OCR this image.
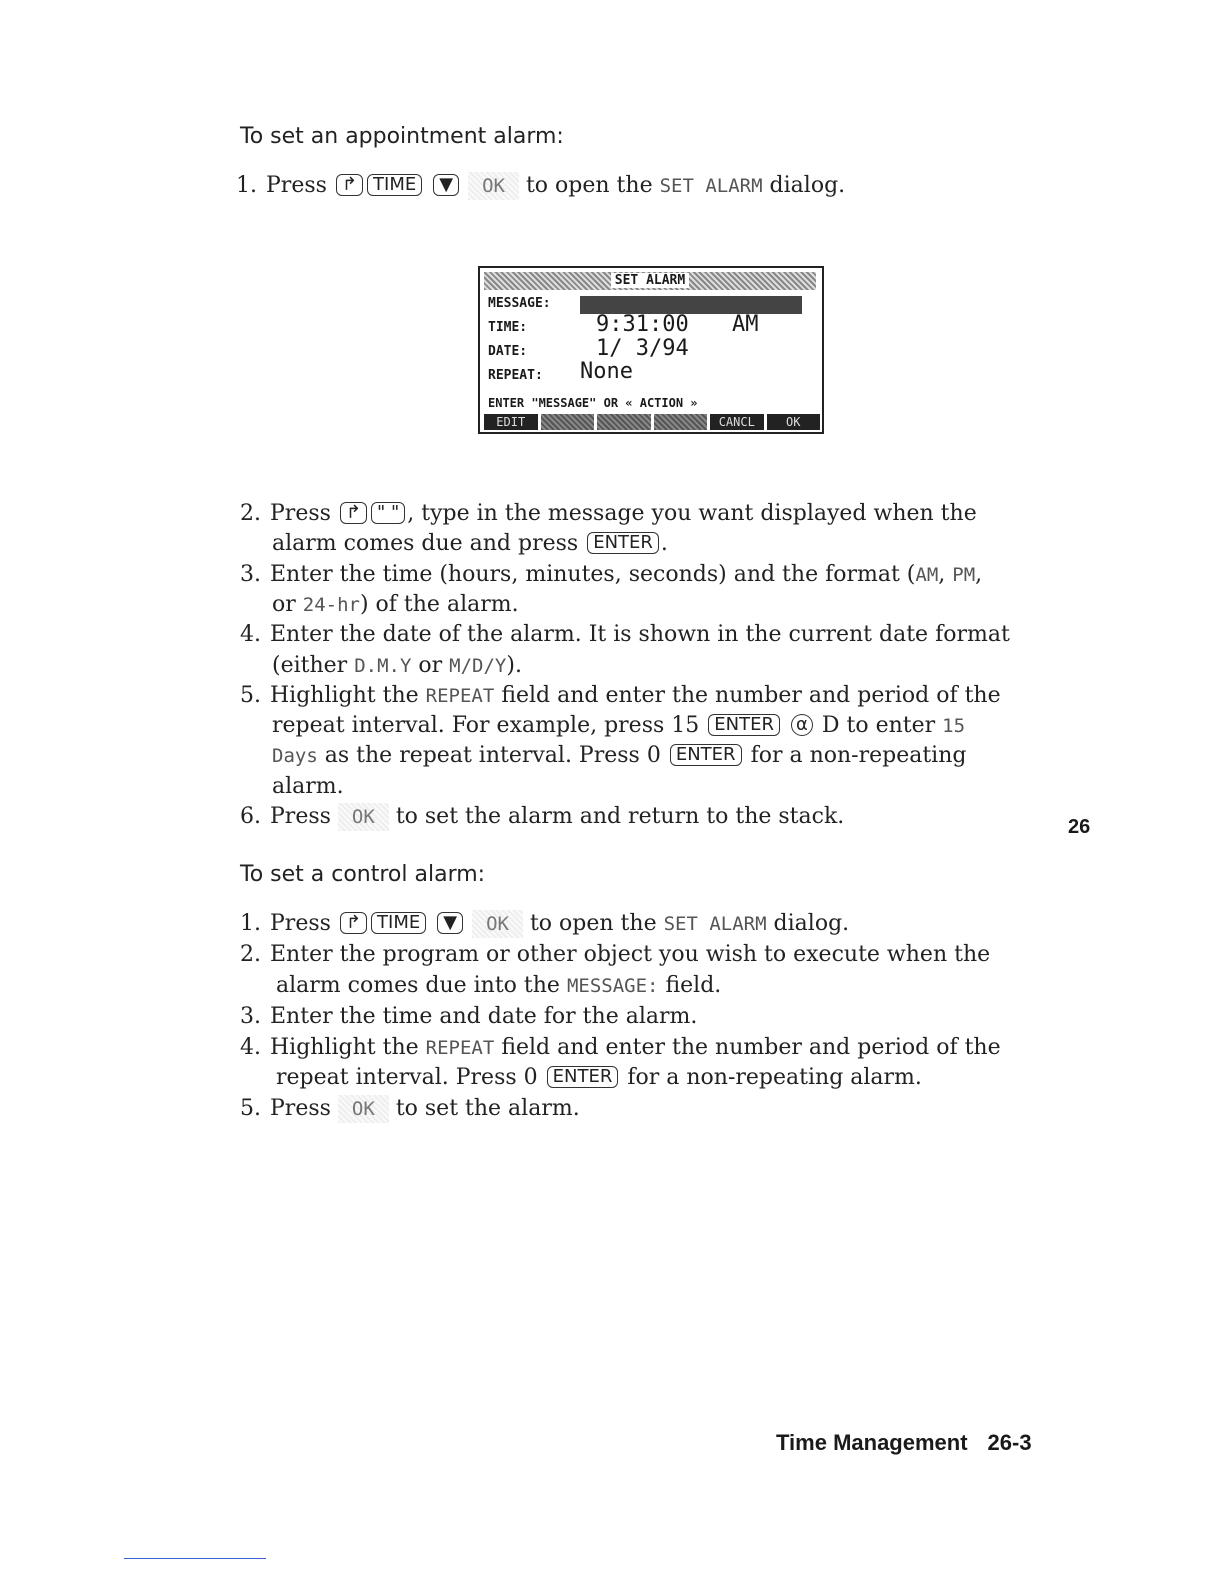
To set an appointment alarm:
1. Press ↱ TIME ▼ OK to open the SET ALARM dialog.
SET ALARM
MESSAGE:
TIME:	9:31:00 AM
DATE:	1/ 3/94
REPEAT: None
ENTER "MESSAGE" OR « ACTION »
EDIT	CANCL	OK
2. Press ↱ " " , type in the message you want displayed when the
alarm comes due and press ENTER .
3. Enter the time (hours, minutes, seconds) and the format (AM, PM,
or 24-hr) of the alarm.
4. Enter the date of the alarm. It is shown in the current date format
(either D.M.Y or M/D/Y).
5. Highlight the REPEAT field and enter the number and period of the
repeat interval. For example, press 15 ENTER α D to enter 15
Days as the repeat interval. Press 0 ENTER for a non-repeating
alarm.
6. Press OK to set the alarm and return to the stack.	26
To set a control alarm:
1. Press ↱ TIME ▼ OK to open the SET ALARM dialog.
2. Enter the program or other object you wish to execute when the
alarm comes due into the MESSAGE: field.
3. Enter the time and date for the alarm.
4. Highlight the REPEAT field and enter the number and period of the
repeat interval. Press 0 ENTER for a non-repeating alarm.
5. Press OK to set the alarm.
Time Management 26-3
